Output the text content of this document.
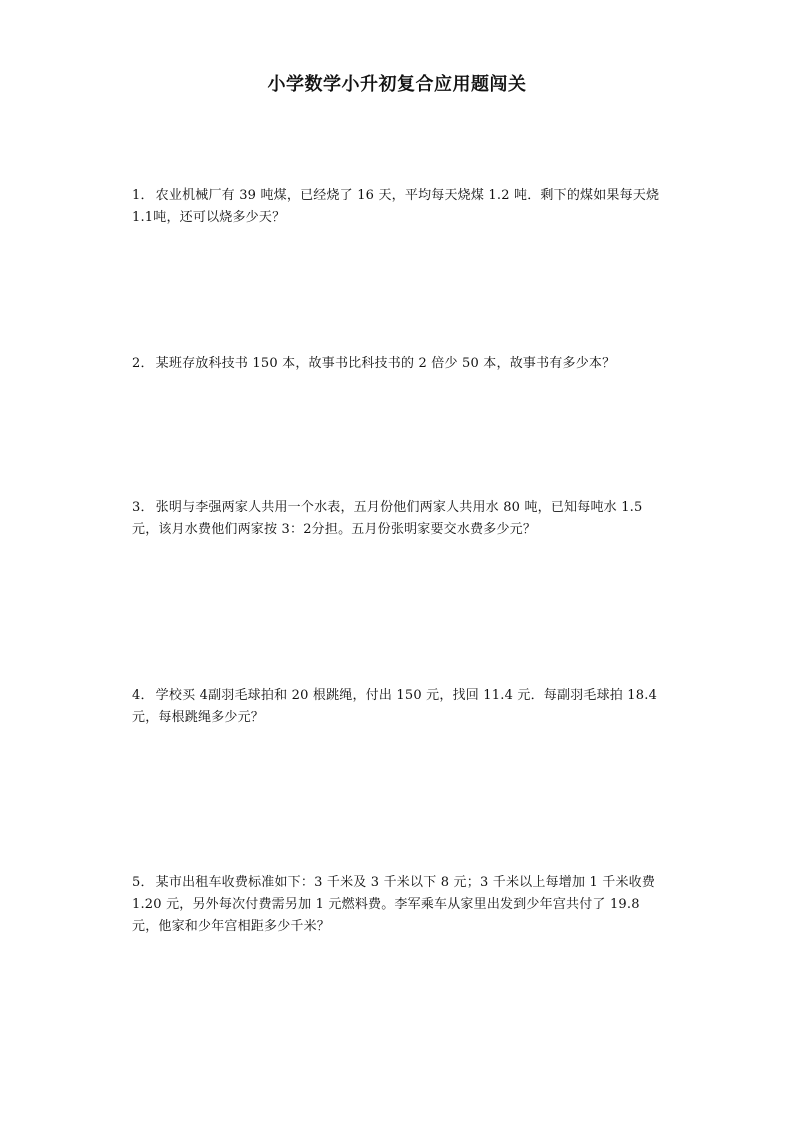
小学数学小升初复合应用题闯关
1． 农业机械厂有 39 吨煤，已经烧了 16 天，平均每天烧煤 1.2 吨．剩下的煤如果每天烧 1.1吨，还可以烧多少天？
2． 某班存放科技书 150 本，故事书比科技书的 2 倍少 50 本，故事书有多少本？
3． 张明与李强两家人共用一个水表，五月份他们两家人共用水 80 吨，已知每吨水 1.5 元，该月水费他们两家按 3：2分担。五月份张明家要交水费多少元？
4． 学校买 4副羽毛球拍和 20 根跳绳，付出 150 元，找回 11.4 元．每副羽毛球拍 18.4 元，每根跳绳多少元？
5． 某市出租车收费标准如下：3 千米及 3 千米以下 8 元；3 千米以上每增加 1 千米收费 1.20 元，另外每次付费需另加 1 元燃料费。李军乘车从家里出发到少年宫共付了 19.8 元，他家和少年宫相距多少千米？
